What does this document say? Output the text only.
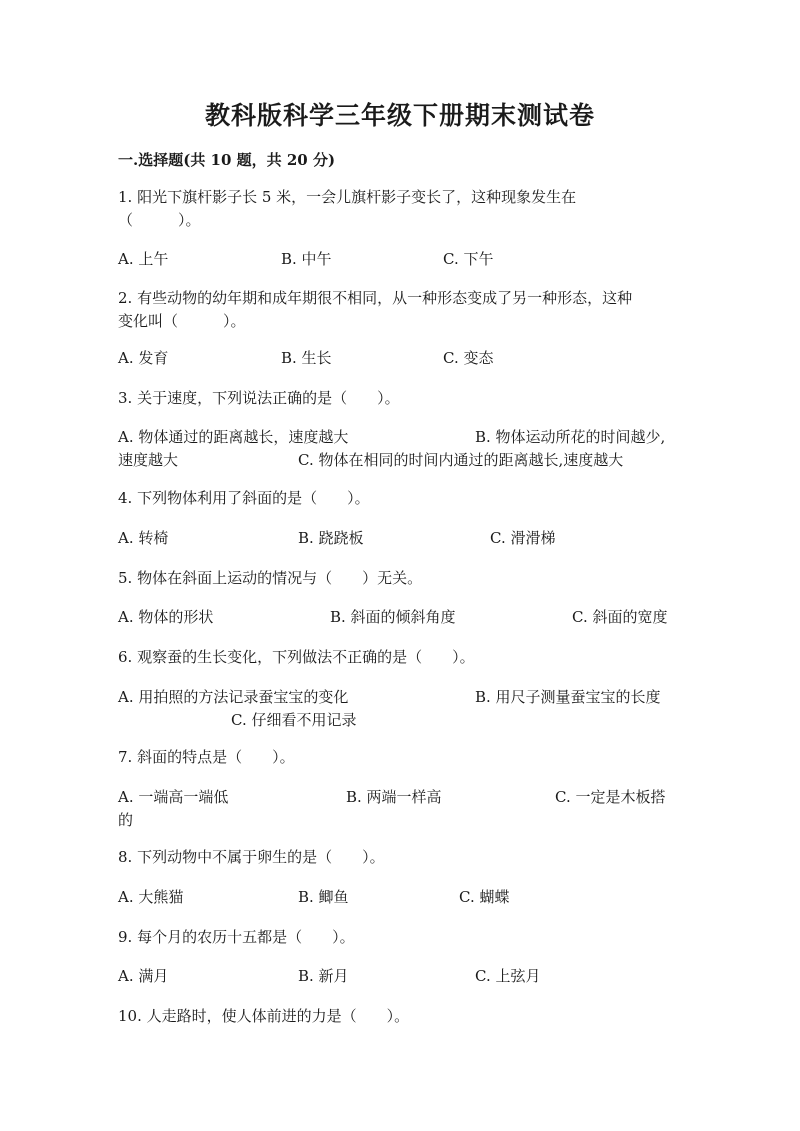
教科版科学三年级下册期末测试卷
一.选择题(共 10 题，共 20 分)
1. 阳光下旗杆影子长 5 米，一会儿旗杆影子变长了，这种现象发生在
（　　　）。
A. 上午	B. 中午	C. 下午
2. 有些动物的幼年期和成年期很不相同，从一种形态变成了另一种形态，这种
变化叫（　　　）。
A. 发育	B. 生长	C. 变态
3. 关于速度，下列说法正确的是（　　）。
A. 物体通过的距离越长，速度越大	B. 物体运动所花的时间越少,
速度越大	C. 物体在相同的时间内通过的距离越长,速度越大
4. 下列物体利用了斜面的是（　　）。
A. 转椅	B. 跷跷板	C. 滑滑梯
5. 物体在斜面上运动的情况与（　　）无关。
A. 物体的形状	B. 斜面的倾斜角度	C. 斜面的宽度
6. 观察蚕的生长变化，下列做法不正确的是（　　）。
A. 用拍照的方法记录蚕宝宝的变化	B. 用尺子测量蚕宝宝的长度
C. 仔细看不用记录
7. 斜面的特点是（　　）。
A. 一端高一端低	B. 两端一样高	C. 一定是木板搭
的
8. 下列动物中不属于卵生的是（　　）。
A. 大熊猫	B. 鲫鱼	C. 蝴蝶
9. 每个月的农历十五都是（　　）。
A. 满月	B. 新月	C. 上弦月
10. 人走路时，使人体前进的力是（　　）。
